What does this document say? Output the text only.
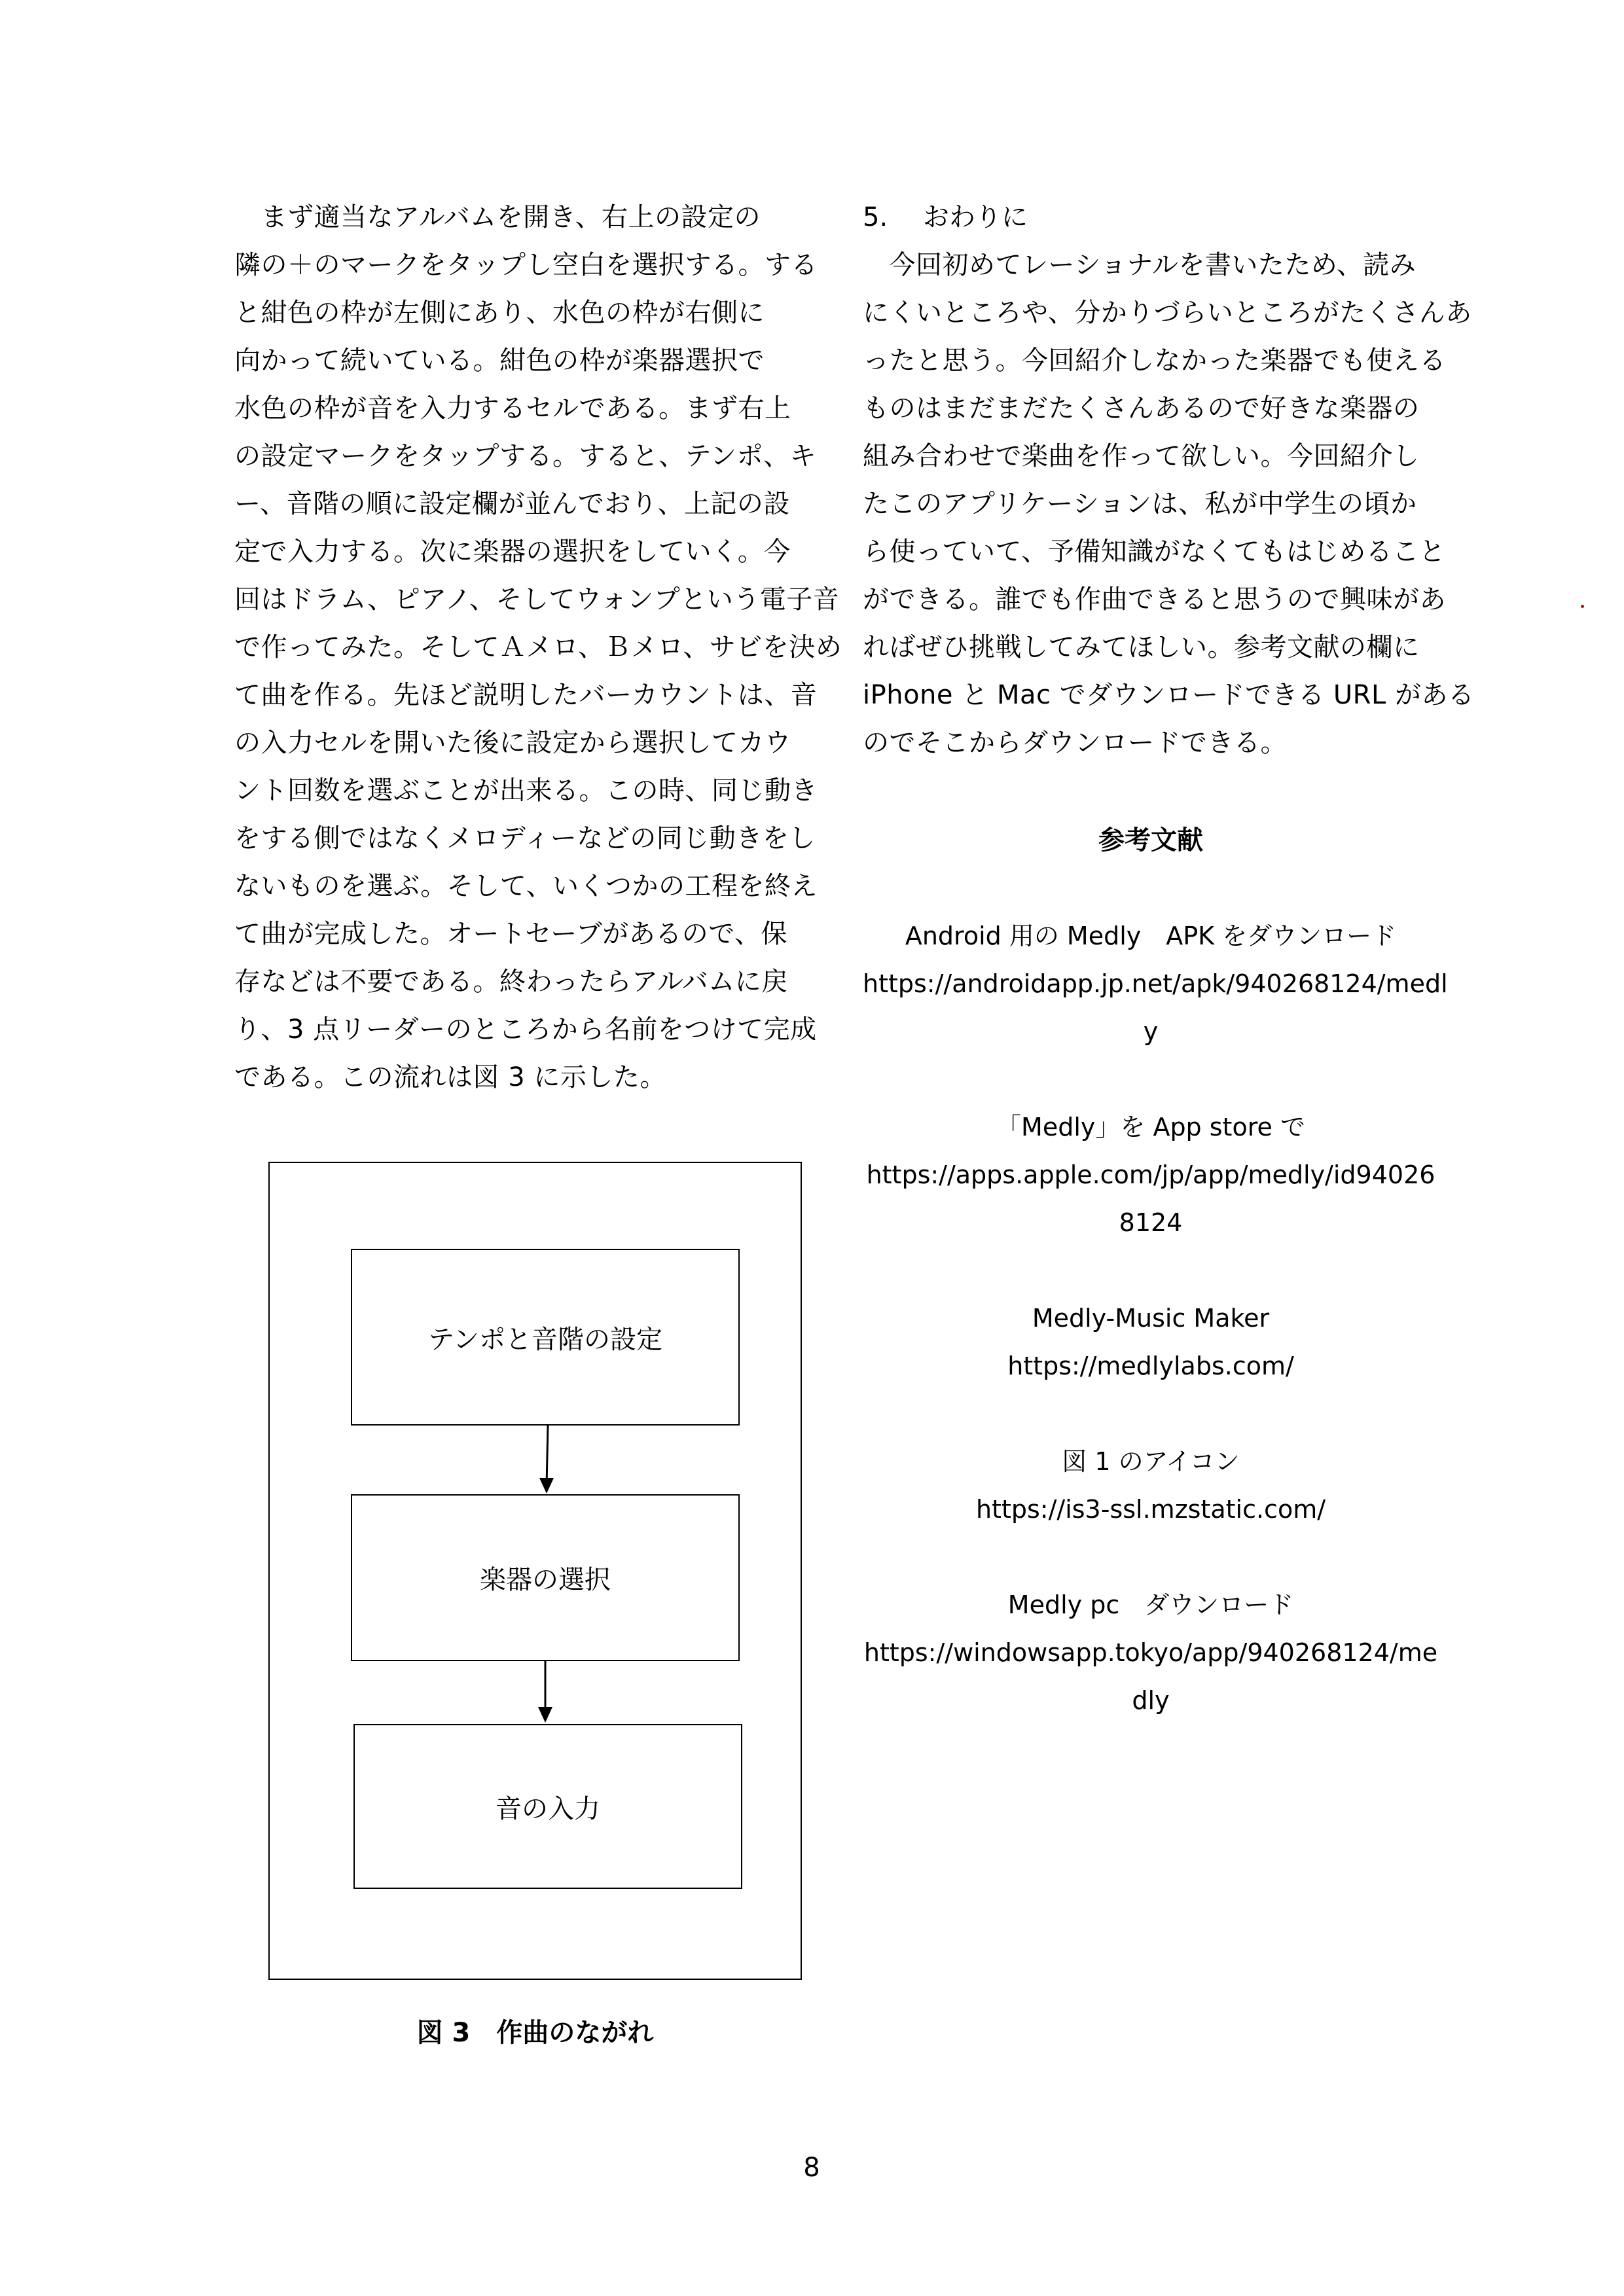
　まず適当なアルバムを開き、右上の設定の
隣の＋のマークをタップし空白を選択する。する
と紺色の枠が左側にあり、水色の枠が右側に
向かって続いている。紺色の枠が楽器選択で
水色の枠が音を入力するセルである。まず右上
の設定マークをタップする。すると、テンポ、キ
ー、音階の順に設定欄が並んでおり、上記の設
定で入力する。次に楽器の選択をしていく。今
回はドラム、ピアノ、そしてウォンプという電子音
で作ってみた。そしてＡメロ、Ｂメロ、サビを決め
て曲を作る。先ほど説明したバーカウントは、音
の入力セルを開いた後に設定から選択してカウ
ント回数を選ぶことが出来る。この時、同じ動き
をする側ではなくメロディーなどの同じ動きをし
ないものを選ぶ。そして、いくつかの工程を終え
て曲が完成した。オートセーブがあるので、保
存などは不要である。終わったらアルバムに戻
り、3 点リーダーのところから名前をつけて完成
である。この流れは図 3 に示した。
5. おわりに
　今回初めてレーショナルを書いたため、読み
にくいところや、分かりづらいところがたくさんあ
ったと思う。今回紹介しなかった楽器でも使える
ものはまだまだたくさんあるので好きな楽器の
組み合わせで楽曲を作って欲しい。今回紹介し
たこのアプリケーションは、私が中学生の頃か
ら使っていて、予備知識がなくてもはじめること
ができる。誰でも作曲できると思うので興味があ
ればぜひ挑戦してみてほしい。参考文献の欄に
iPhone と Mac でダウンロードできる URL がある
のでそこからダウンロードできる。
参考文献
Android 用の Medly　APK をダウンロード
https://androidapp.jp.net/apk/940268124/medl
y
「Medly」を App store で
https://apps.apple.com/jp/app/medly/id94026
8124
Medly-Music Maker
https://medlylabs.com/
図 1 のアイコン
https://is3-ssl.mzstatic.com/
Medly pc　ダウンロード
https://windowsapp.tokyo/app/940268124/me
dly
テンポと音階の設定
楽器の選択
音の入力
図 3　作曲のながれ
8
